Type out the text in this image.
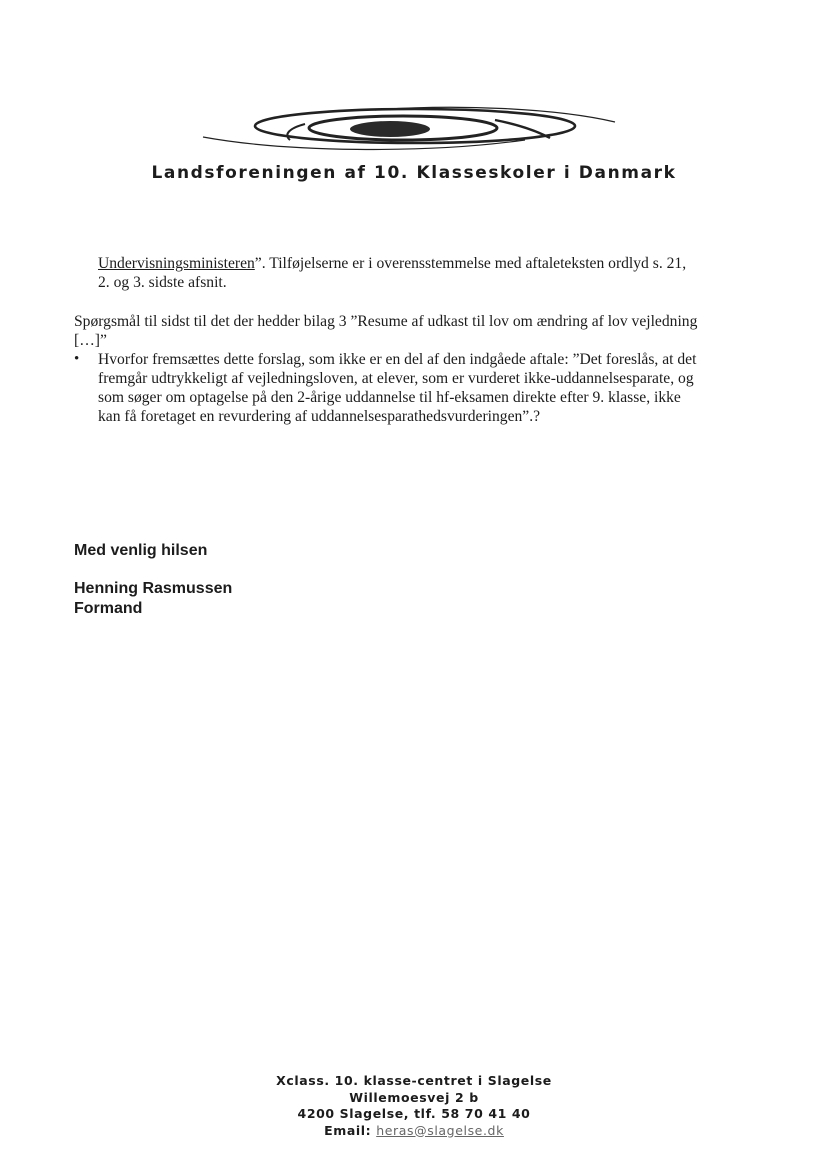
Landsforeningen af 10. Klasseskoler i Danmark
Undervisningsministeren”. Tilføjelserne er i overensstemmelse med aftaleteksten ordlyd s. 21,
2. og 3. sidste afsnit.
Spørgsmål til sidst til det der hedder bilag 3 ”Resume af udkast til lov om ændring af lov vejledning
[…]”
•	Hvorfor fremsættes dette forslag, som ikke er en del af den indgåede aftale: ”Det foreslås, at det
fremgår udtrykkeligt af vejledningsloven, at elever, som er vurderet ikke-uddannelsesparate, og
som søger om optagelse på den 2-årige uddannelse til hf-eksamen direkte efter 9. klasse, ikke
kan få foretaget en revurdering af uddannelsesparathedsvurderingen”.?
Med venlig hilsen
Henning Rasmussen
Formand
Xclass. 10. klasse-centret i Slagelse
Willemoesvej 2 b
4200 Slagelse, tlf. 58 70 41 40
Email: heras@slagelse.dk
